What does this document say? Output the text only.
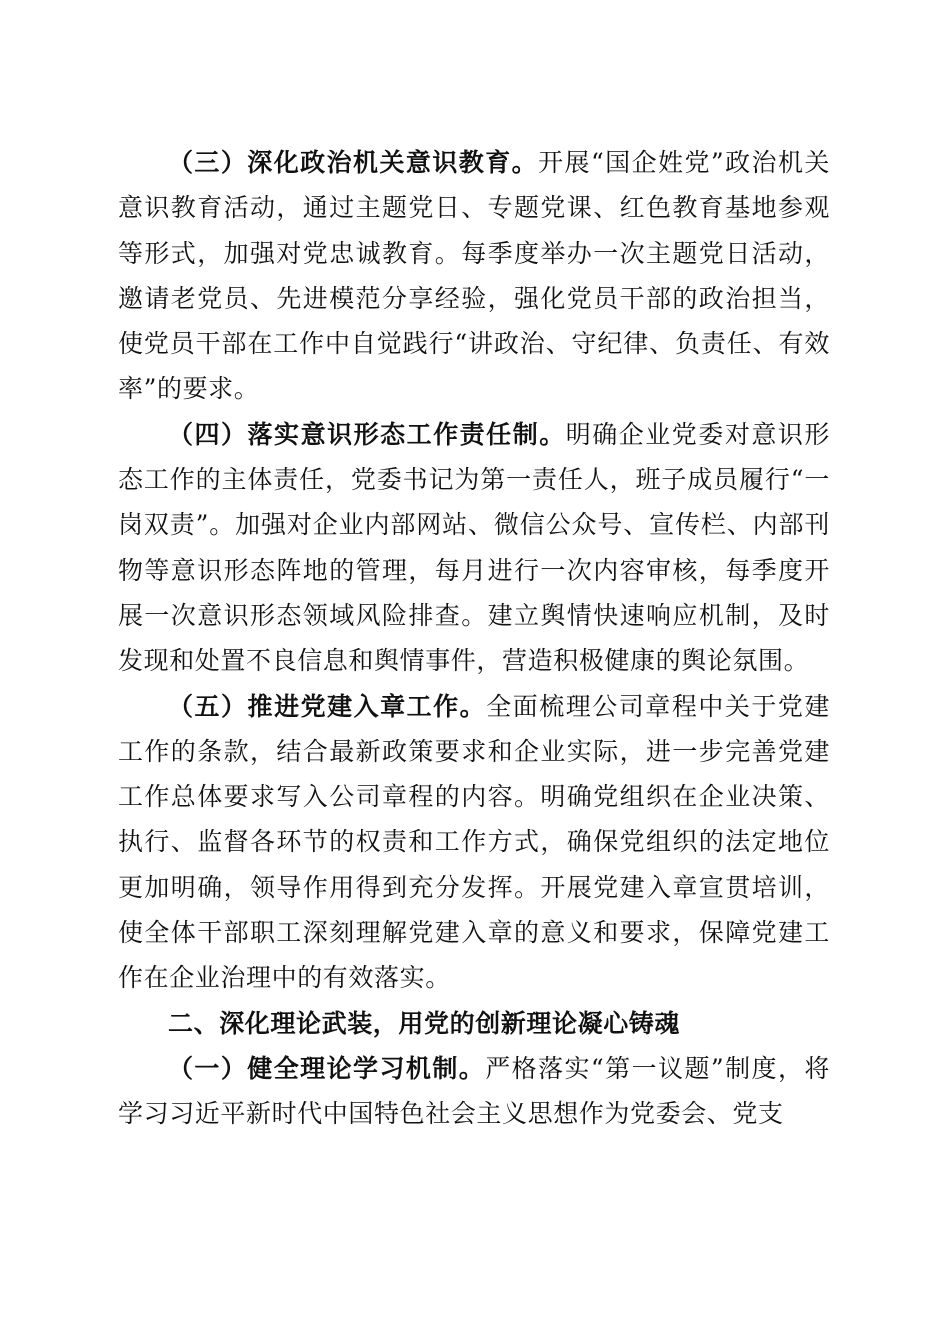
（三）深化政治机关意识教育。开展“国企姓党”政治机关意识教育活动，通过主题党日、专题党课、红色教育基地参观等形式，加强对党忠诚教育。每季度举办一次主题党日活动，邀请老党员、先进模范分享经验，强化党员干部的政治担当，使党员干部在工作中自觉践行“讲政治、守纪律、负责任、有效率”的要求。

（四）落实意识形态工作责任制。明确企业党委对意识形态工作的主体责任，党委书记为第一责任人，班子成员履行“一岗双责”。加强对企业内部网站、微信公众号、宣传栏、内部刊物等意识形态阵地的管理，每月进行一次内容审核，每季度开展一次意识形态领域风险排查。建立舆情快速响应机制，及时发现和处置不良信息和舆情事件，营造积极健康的舆论氛围。

（五）推进党建入章工作。全面梳理公司章程中关于党建工作的条款，结合最新政策要求和企业实际，进一步完善党建工作总体要求写入公司章程的内容。明确党组织在企业决策、执行、监督各环节的权责和工作方式，确保党组织的法定地位更加明确，领导作用得到充分发挥。开展党建入章宣贯培训，使全体干部职工深刻理解党建入章的意义和要求，保障党建工作在企业治理中的有效落实。

二、深化理论武装，用党的创新理论凝心铸魂

（一）健全理论学习机制。严格落实“第一议题”制度，将学习习近平新时代中国特色社会主义思想作为党委会、党支
